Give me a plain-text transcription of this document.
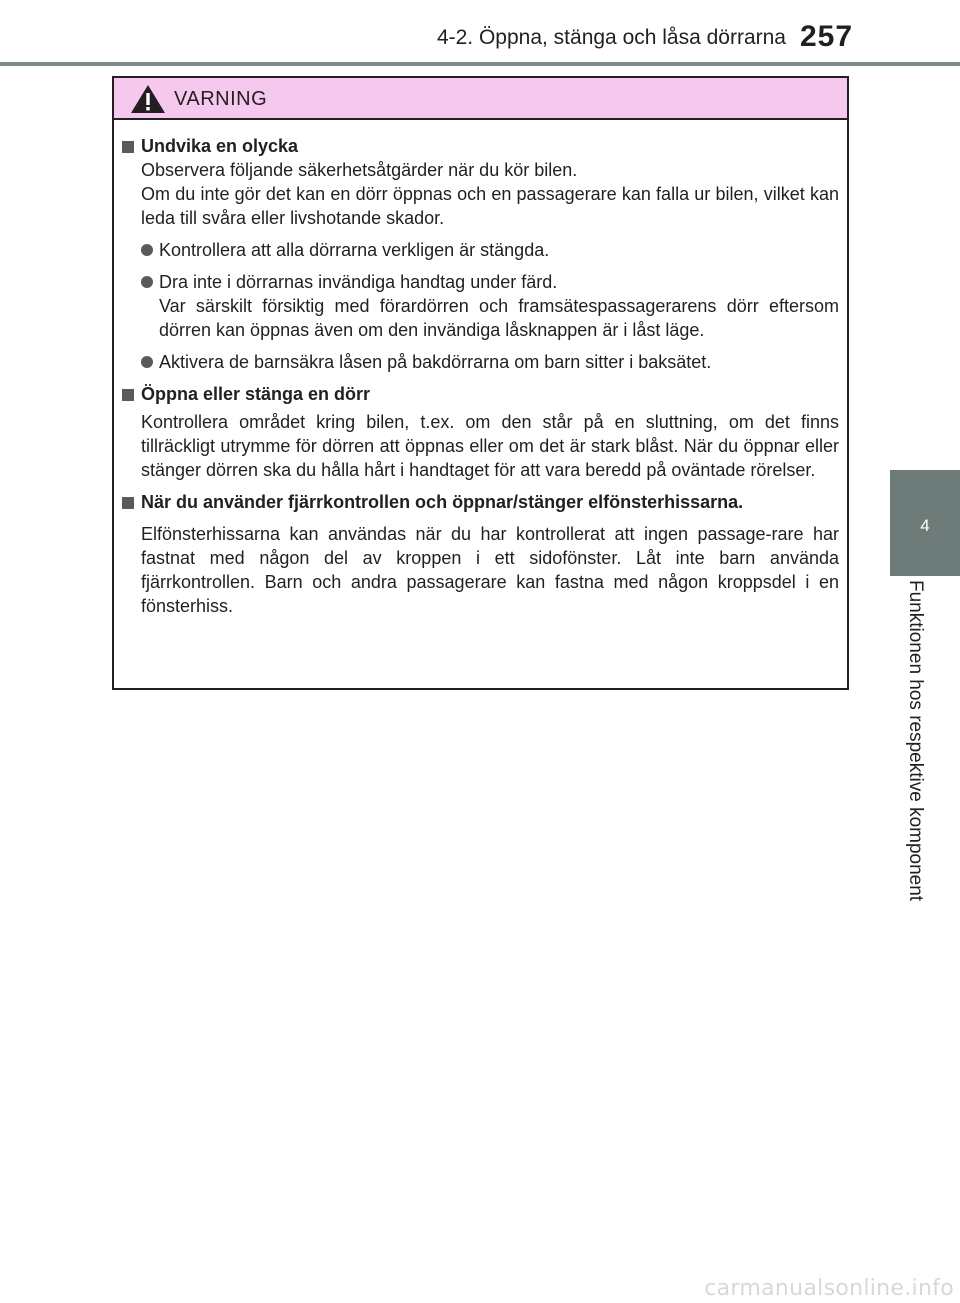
4-2. Öppna, stänga och låsa dörrarna 257
4
Funktionen hos respektive komponent
VARNING
Undvika en olycka
Observera följande säkerhetsåtgärder när du kör bilen.
Om du inte gör det kan en dörr öppnas och en passagerare kan falla ur bilen, vilket kan leda till svåra eller livshotande skador.
Kontrollera att alla dörrarna verkligen är stängda.
Dra inte i dörrarnas invändiga handtag under färd.
Var särskilt försiktig med förardörren och framsätespassagerarens dörr eftersom dörren kan öppnas även om den invändiga låsknappen är i låst läge.
Aktivera de barnsäkra låsen på bakdörrarna om barn sitter i baksätet.
Öppna eller stänga en dörr
Kontrollera området kring bilen, t.ex. om den står på en sluttning, om det finns tillräckligt utrymme för dörren att öppnas eller om det är stark blåst. När du öppnar eller stänger dörren ska du hålla hårt i handtaget för att vara beredd på oväntade rörelser.
När du använder fjärrkontrollen och öppnar/stänger elfönsterhissarna.
Elfönsterhissarna kan användas när du har kontrollerat att ingen passage-rare har fastnat med någon del av kroppen i ett sidofönster. Låt inte barn använda fjärrkontrollen. Barn och andra passagerare kan fastna med någon kroppsdel i en fönsterhiss.
carmanualsonline.info
